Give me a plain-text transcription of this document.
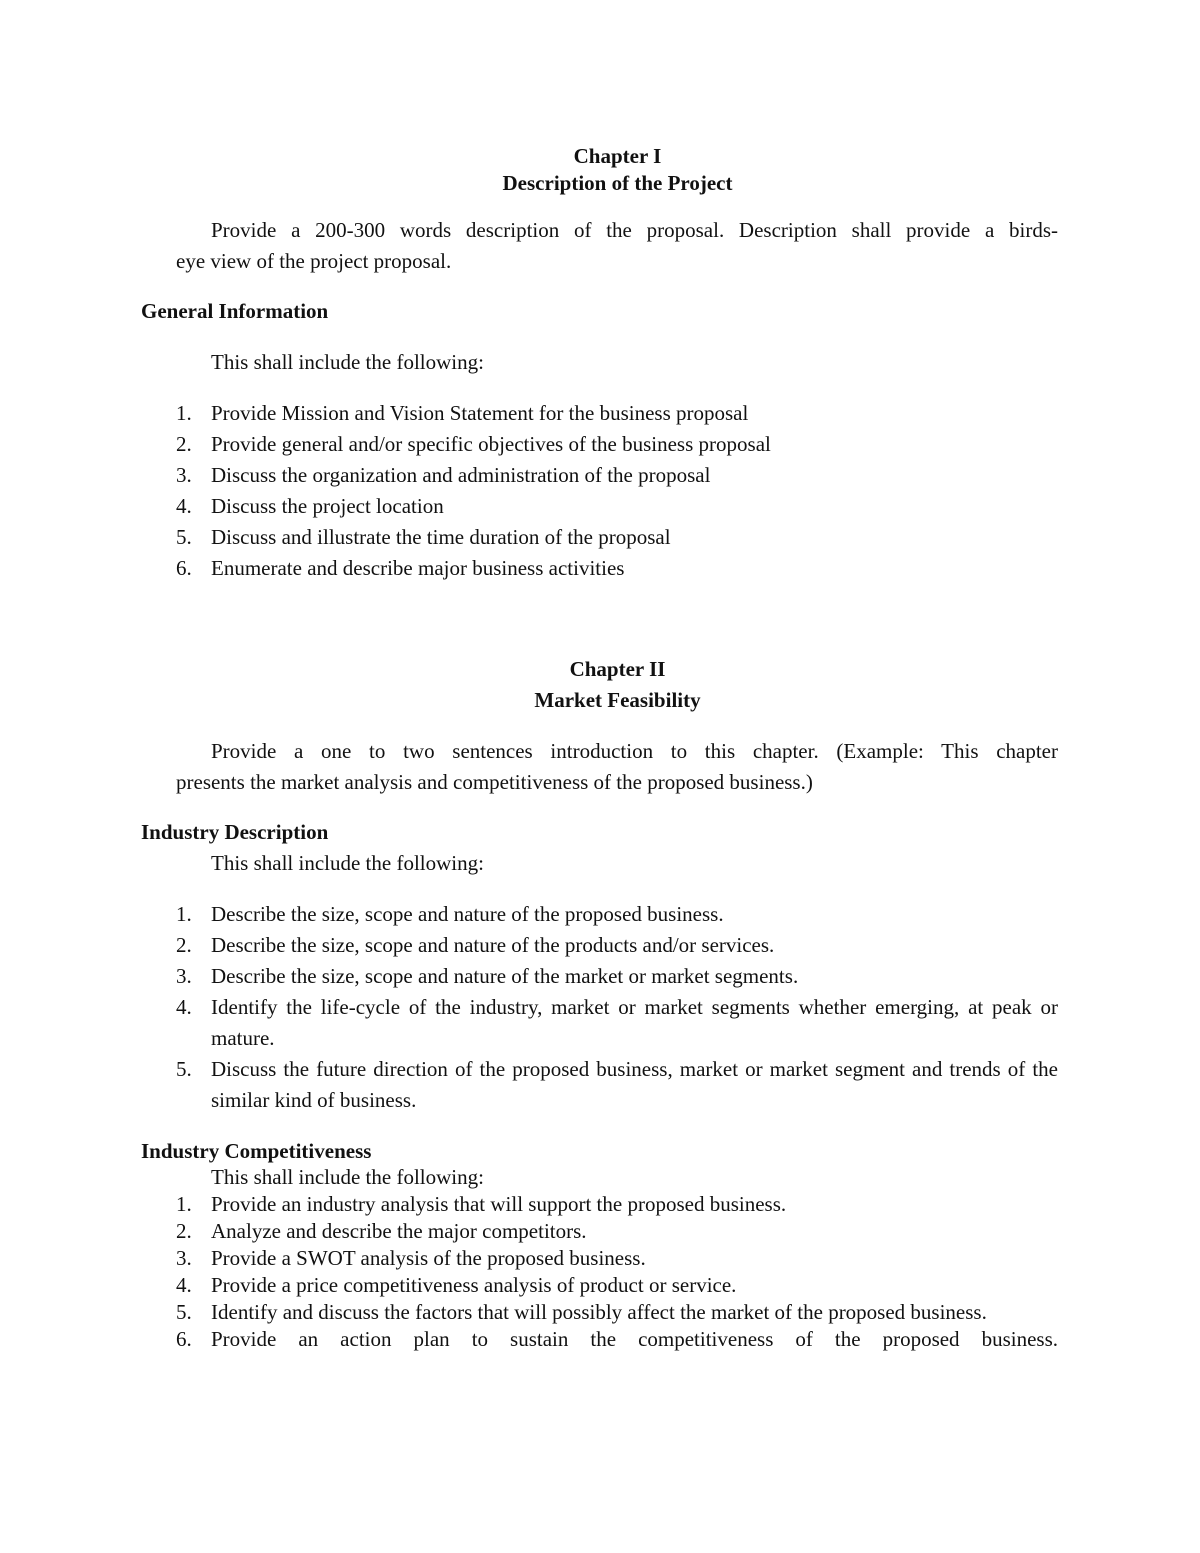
Chapter I
Description of the Project
Provide a 200-300 words description of the proposal. Description shall provide a birds-
eye view of the project proposal.
General Information
This shall include the following:
1. Provide Mission and Vision Statement for the business proposal
2. Provide general and/or specific objectives of the business proposal
3. Discuss the organization and administration of the proposal
4. Discuss the project location
5. Discuss and illustrate the time duration of the proposal
6. Enumerate and describe major business activities
Chapter II
Market Feasibility
Provide a one to two sentences introduction to this chapter. (Example: This chapter
presents the market analysis and competitiveness of the proposed business.)
Industry Description
This shall include the following:
1. Describe the size, scope and nature of the proposed business.
2. Describe the size, scope and nature of the products and/or services.
3. Describe the size, scope and nature of the market or market segments.
4. Identify the life-cycle of the industry, market or market segments whether emerging, at peak or mature.
5. Discuss the future direction of the proposed business, market or market segment and trends of the similar kind of business.
Industry Competitiveness
This shall include the following:
1. Provide an industry analysis that will support the proposed business.
2. Analyze and describe the major competitors.
3. Provide a SWOT analysis of the proposed business.
4. Provide a price competitiveness analysis of product or service.
5. Identify and discuss the factors that will possibly affect the market of the proposed business.
6. Provide an action plan to sustain the competitiveness of the proposed business.
